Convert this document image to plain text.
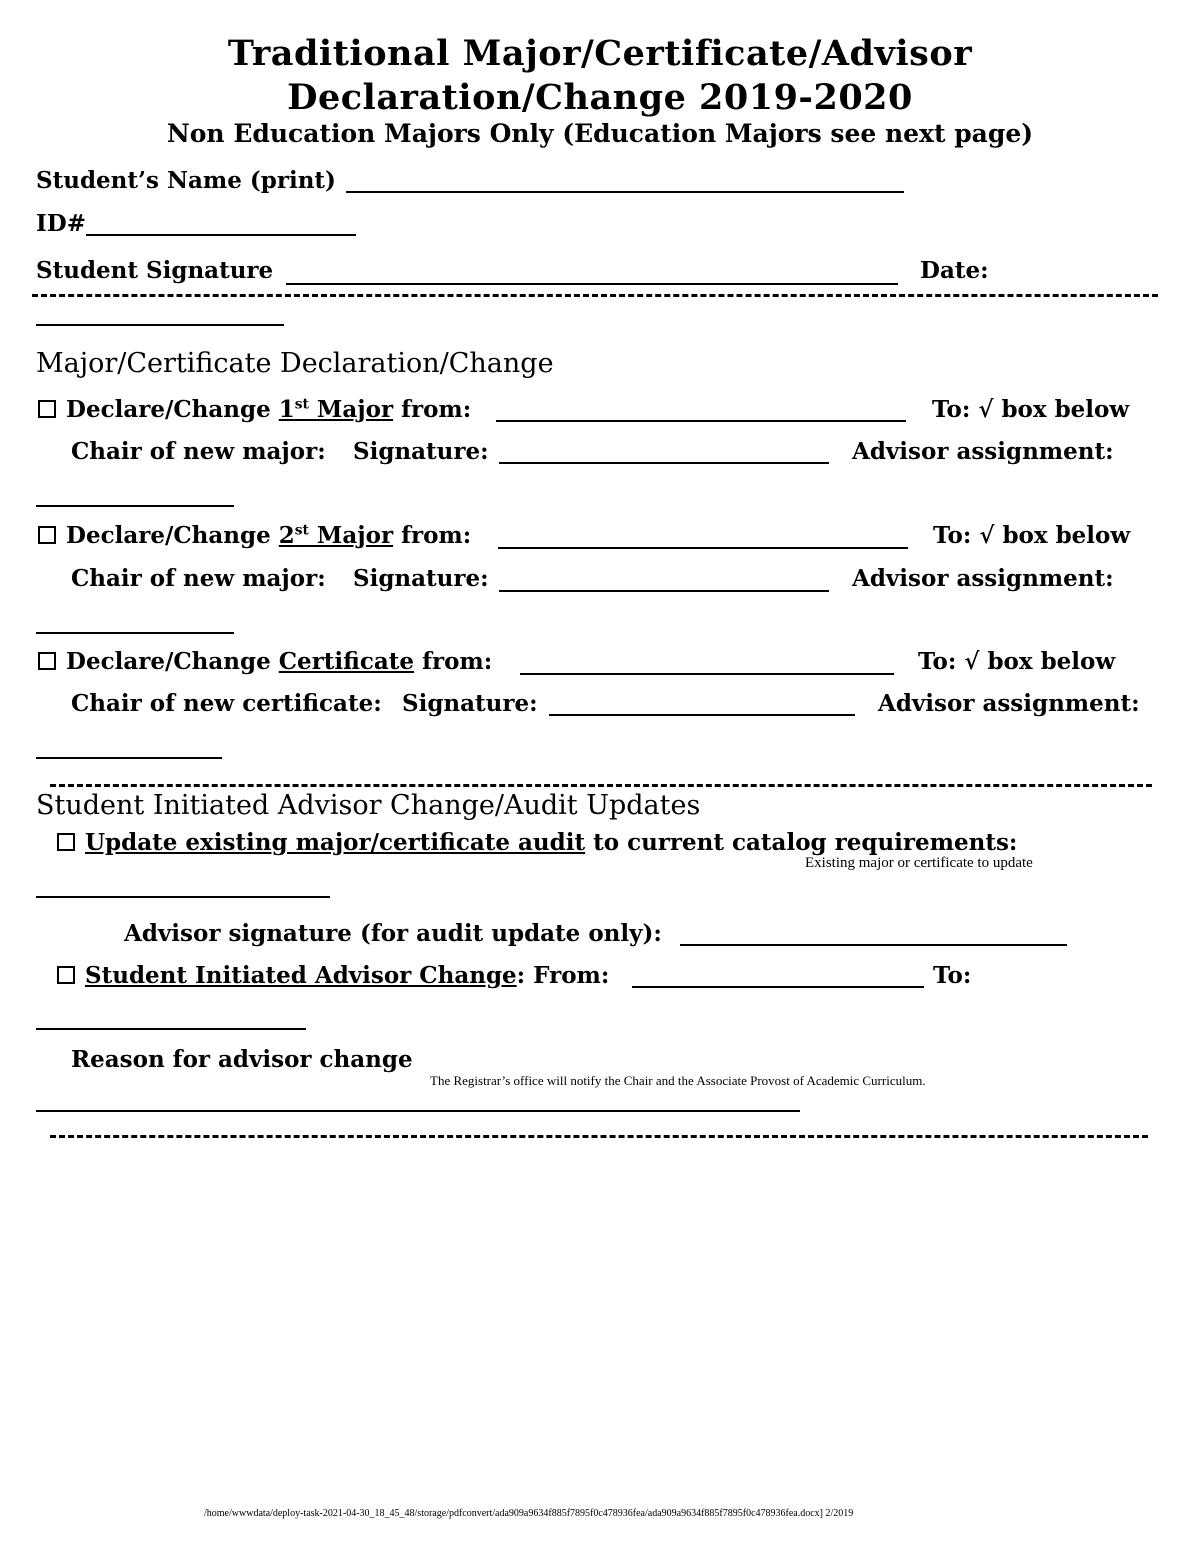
Traditional Major/Certificate/Advisor
Declaration/Change 2019-2020
Non Education Majors Only (Education Majors see next page)
Student’s Name (print)
ID#
Student Signature	Date:
Major/Certificate Declaration/Change
Declare/Change 1st Major from:	To: √ box below
Chair of new major: Signature:	Advisor assignment:
Declare/Change 2st Major from:	To: √ box below
Chair of new major: Signature:	Advisor assignment:
Declare/Change Certificate from:	To: √ box below
Chair of new certificate: Signature:	Advisor assignment:
Student Initiated Advisor Change/Audit Updates
Update existing major/certificate audit to current catalog requirements:
Existing major or certificate to update
Advisor signature (for audit update only):
Student Initiated Advisor Change: From:	To:
Reason for advisor change
The Registrar’s office will notify the Chair and the Associate Provost of Academic Curriculum.
/home/wwwdata/deploy-task-2021-04-30_18_45_48/storage/pdfconvert/ada909a9634f885f7895f0c478936fea/ada909a9634f885f7895f0c478936fea.docx] 2/2019
